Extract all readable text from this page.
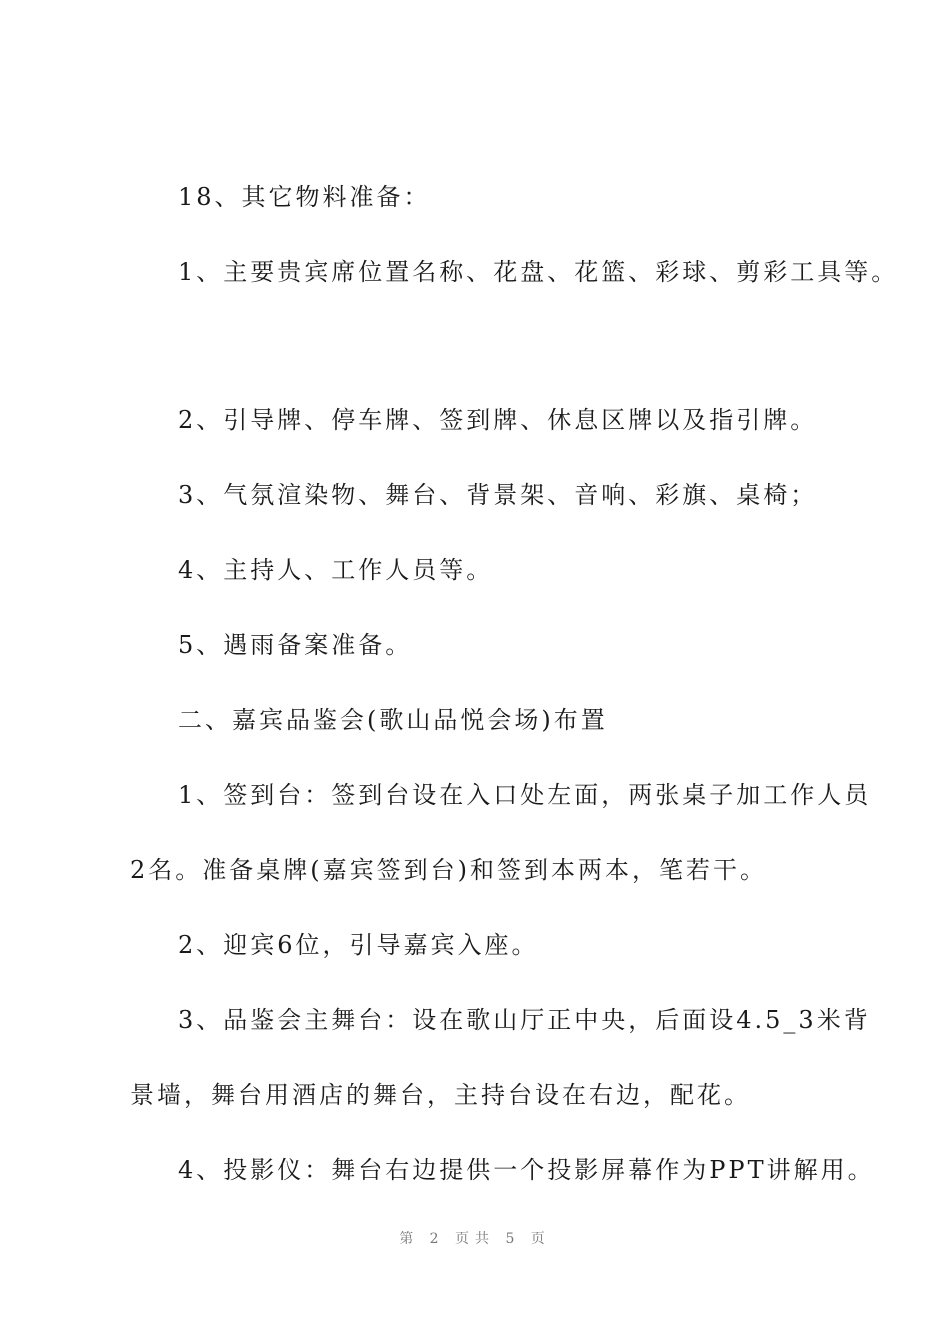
18、其它物料准备：
1、主要贵宾席位置名称、花盘、花篮、彩球、剪彩工具等。
2、引导牌、停车牌、签到牌、休息区牌以及指引牌。
3、气氛渲染物、舞台、背景架、音响、彩旗、桌椅；
4、主持人、工作人员等。
5、遇雨备案准备。
二、嘉宾品鉴会(歌山品悦会场)布置
1、签到台：签到台设在入口处左面，两张桌子加工作人员
2名。准备桌牌(嘉宾签到台)和签到本两本，笔若干。
2、迎宾6位，引导嘉宾入座。
3、品鉴会主舞台：设在歌山厅正中央，后面设4.5_3米背
景墙，舞台用酒店的舞台，主持台设在右边，配花。
4、投影仪：舞台右边提供一个投影屏幕作为PPT讲解用。
第 2 页共 5 页
